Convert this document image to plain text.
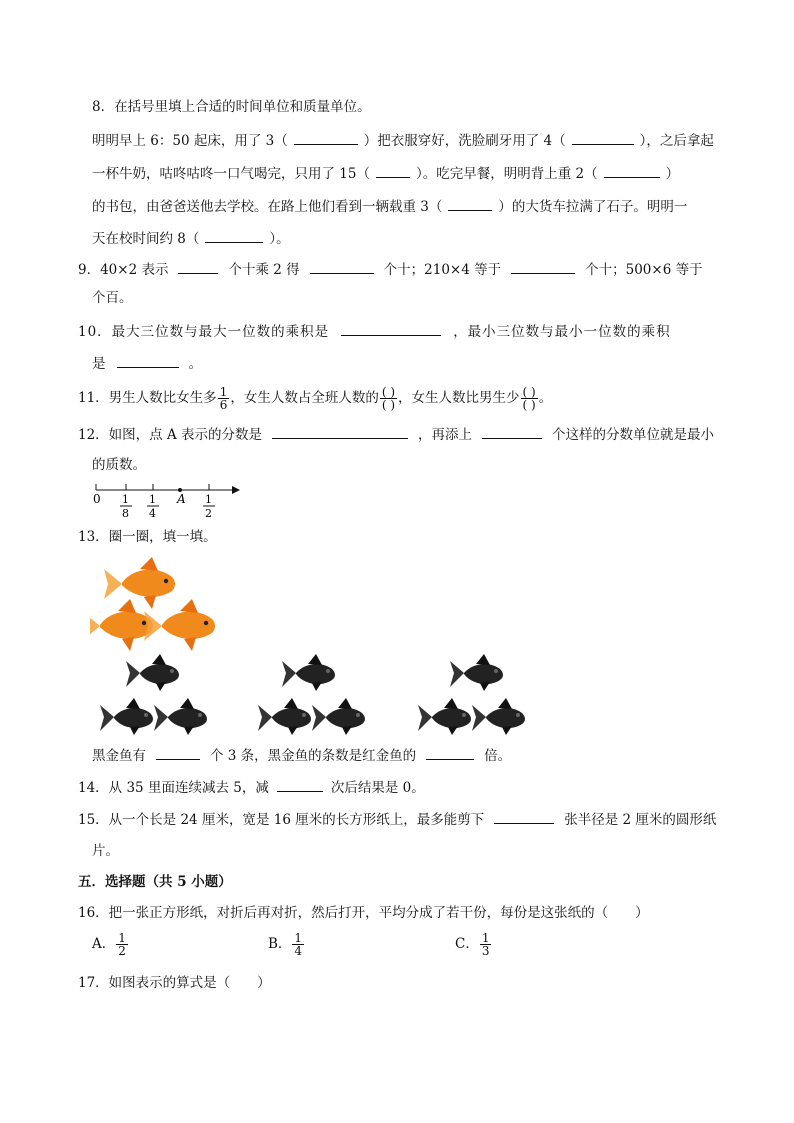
8．在括号里填上合适的时间单位和质量单位。
明明早上 6：50 起床，用了 3（	）把衣服穿好，洗脸刷牙用了 4（	），之后拿起
一杯牛奶，咕咚咕咚一口气喝完，只用了 15（	）。吃完早餐，明明背上重 2（	）
的书包，由爸爸送他去学校。在路上他们看到一辆载重 3（	）的大货车拉满了石子。明明一
天在校时间约 8（	）。
9．40×2 表示	个十乘 2 得	个十；210×4 等于	个十；500×6 等于
个百。
10．最大三位数与最大一位数的乘积是	，最小三位数与最小一位数的乘积
是	。
11．男生人数比女生多 $\frac{1}{6}$ ，女生人数占全班人数的 $\frac{( )}{( )}$ ，女生人数比男生少 $\frac{( )}{( )}$ 。
12．如图，点 A 表示的分数是	，再添上	个这样的分数单位就是最小
的质数。
0	A
1
8
1
4
1
2
13．圈一圈，填一填。
黑金鱼有	个 3 条，黑金鱼的条数是红金鱼的	倍。
14．从 35 里面连续减去 5，减	次后结果是 0。
15．从一个长是 24 厘米，宽是 16 厘米的长方形纸上，最多能剪下	张半径是 2 厘米的圆形纸
片。
五．选择题（共 5 小题）
16．把一张正方形纸，对折后再对折，然后打开，平均分成了若干份，每份是这张纸的（　　）
A． $\frac{1}{2}$	B． $\frac{1}{4}$	C． $\frac{1}{3}$
17．如图表示的算式是（　　）
